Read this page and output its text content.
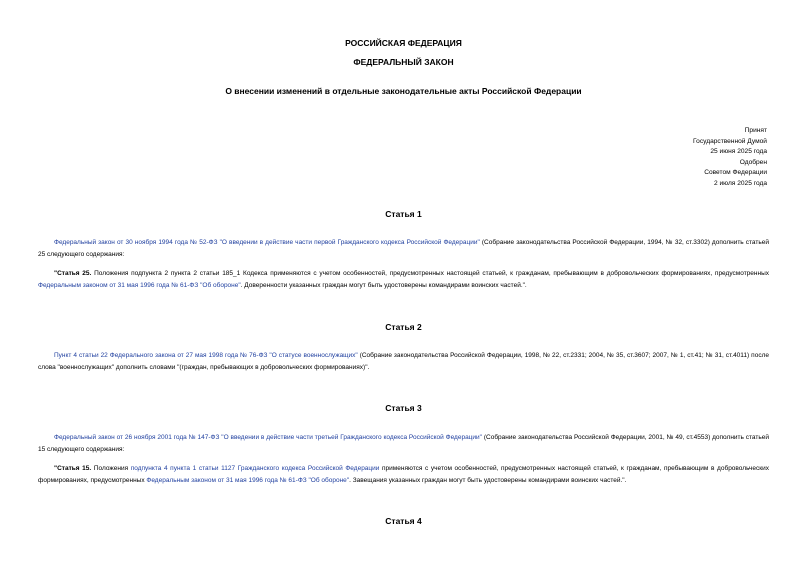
РОССИЙСКАЯ ФЕДЕРАЦИЯ
ФЕДЕРАЛЬНЫЙ ЗАКОН
О внесении изменений в отдельные законодательные акты Российской Федерации
Принят
Государственной Думой
25 июня 2025 года
Одобрен
Советом Федерации
2 июля 2025 года
Статья 1
Федеральный закон от 30 ноября 1994 года № 52-ФЗ "О введении в действие части первой Гражданского кодекса Российской Федерации" (Собрание законодательства Российской Федерации, 1994, № 32, ст.3302) дополнить статьей 25 следующего содержания:
"Статья 25. Положения подпункта 2 пункта 2 статьи 185_1 Кодекса применяются с учетом особенностей, предусмотренных настоящей статьей, к гражданам, пребывающим в добровольческих формированиях, предусмотренных Федеральным законом от 31 мая 1996 года № 61-ФЗ "Об обороне". Доверенности указанных граждан могут быть удостоверены командирами воинских частей.".
Статья 2
Пункт 4 статьи 22 Федерального закона от 27 мая 1998 года № 76-ФЗ "О статусе военнослужащих" (Собрание законодательства Российской Федерации, 1998, № 22, ст.2331; 2004, № 35, ст.3607; 2007, № 1, ст.41; № 31, ст.4011) после слова "военнослужащих" дополнить словами "(граждан, пребывающих в добровольческих формированиях)".
Статья 3
Федеральный закон от 26 ноября 2001 года № 147-ФЗ "О введении в действие части третьей Гражданского кодекса Российской Федерации" (Собрание законодательства Российской Федерации, 2001, № 49, ст.4553) дополнить статьей 15 следующего содержания:
"Статья 15. Положения подпункта 4 пункта 1 статьи 1127 Гражданского кодекса Российской Федерации применяются с учетом особенностей, предусмотренных настоящей статьей, к гражданам, пребывающим в добровольческих формированиях, предусмотренных Федеральным законом от 31 мая 1996 года № 61-ФЗ "Об обороне". Завещания указанных граждан могут быть удостоверены командирами воинских частей.".
Статья 4
